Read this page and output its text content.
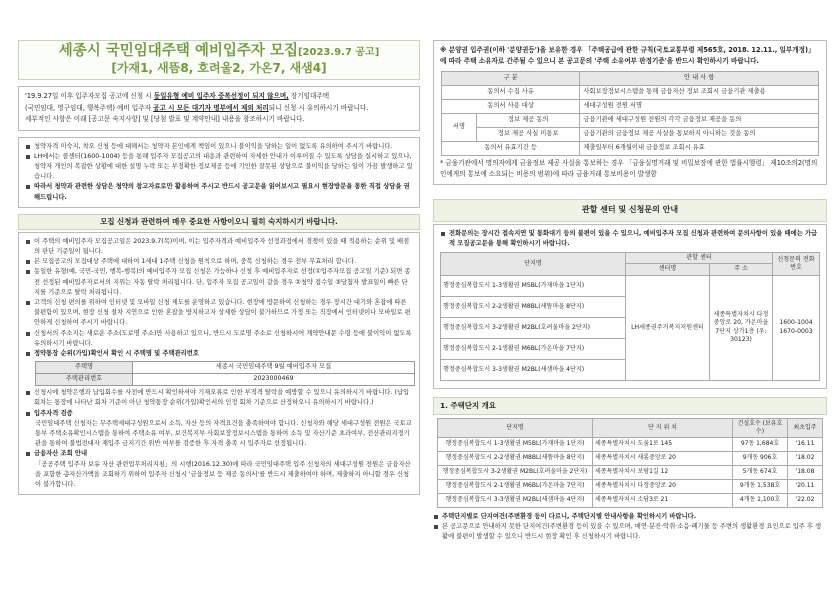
세종시 국민임대주택 예비입주자 모집[2023.9.7 공고]
[가재1, 새뜸8, 호려울2, 가온7, 새샘4]

'19.9.27일 이후 입주자모집 공고에 신청 시 동일유형 예비 입주자 중복선정이 되지 않으며, 장기임대주택

(국민임대, 영구임대, 행복주택) 예비 입주자 공고 시 모든 대기자 명부에서 제외 처리되니 신청 시 유의하시기 바랍니다.

세부적인 사항은 이래 [공고문 숙지사항] 및 [당첨 발표 및 계약안내] 내용을 참조하시기 바랍니다.

청약자격 미숙지, 착오 신청 등에 대해서는 청약자 본인에게 책임이 있으니 불이익을 당하는 일이 없도록 유의하여 주시기 바랍니다.
LH에서는 콜센터(1600-1004) 등을 통해 입주자 모집공고의 내용과 관련하여 자세한 안내가 이루어질 수 있도록 상담을 실시하고 있으나, 청약자 개인의 복잡한 상황에 대한 설명 누락 또는 부정확한 정보제공 등에 기인한 잘못된 상담으로 불이익을 당하는 일이 가끔 발생하고 있습니다.
따라서 청약과 관련한 상담은 청약의 참고자료로만 활용하여 주시고 반드시 공고문을 읽어보시고 필요시 현장방문을 통한 직접 상담을 권해드립니다.
모집 신청과 관련하여 매우 중요한 사항이오니 필히 숙지하시기 바랍니다.
이 주택의 예비입주자 모집공고일은 2023.9.7(목)이며, 이는 입주자격과 예비입주자 선정과정에서 경쟁이 있을 때 적용하는 순위 및 배점의 판단 기준일이 됩니다.
본 모집공고의 모집대상 주택에 대하여 1세대 1주택 신청을 원칙으로 하며, 중복 신청하는 경우 전부 무효처리 합니다.
동일한 유형(예, 국민-국민, 행복-행복)의 예비입주자 모집 신청은 가능하나 신청 후 예비입주자로 선정(①입주자모집 공고일 기준) 되면 종전 선정된 예비입주자로서의 지위는 자동 탈락 처리됩니다. 단, 입주자 모집 공고일이 같을 경우 ②청약 접수일 ③당첨자 발표일이 빠른 단지를 기준으로 탈락 처리됩니다.
고객의 신청 편의를 위하여 인터넷 및 모바일 신청 제도를 운영하고 있습니다. 현장에 방문하여 신청하는 경우 장시간 대기와 혼잡에 따른 불편함이 있으며, 현장 신청 절차 지연으로 인한 혼잡을 방지하고자 상세한 상담이 불가하므로 가정 또는 직장에서 인터넷이나 모바일로 편안하게 신청하여 주시기 바랍니다.
신청서의 주소지는 새로운 주소(도로명 주소)만 사용하고 있으니, 반드시 도로명 주소로 신청하시어 계약안내문 수령 등에 불이익이 없도록 유의하시기 바랍니다.
정약통장 순위(가입)확인서 확인 시 주택명 및 주택관리번호
주택명	세종시 국민임대주택 9월 예비입주자 모집
주택관리번호	2023000469
신청시에 청약은행과 납입회수를 사전에 반드시 확인하셔야 기재오류로 인한 부적격 탈락을 예방할 수 있으니 유의하시기 바랍니다. (납입 회차는 통장에 나타난 회차 기준이 아닌 청약통장 순위(가입)확인서의 인정 회차 기준으로 산정하오니 유의하시기 바랍니다.)
입주자격 검증
국민임대주택 신청자는 무주택세대구성원으로서 소득, 자산 등의 자격요건을 충족하여야 합니다. 신청자와 해당 세대구성원 전원은 국토교통부 주택소유확인시스템을 통하여 주택소유 여부, 보건복지부 사회보장정보시스템을 통하여 소득 및 자산기준 초과여부, 전산관리지정기관을 통하여 불법전대자 재입주 금지기간 위반 여부를 검증한 후 자격 충족 시 입주자로 선정됩니다.
금융자산 조회 안내
「공공주택 입주자 보유 자산 관련업무처리지침」의 시행(2016.12.30)에 따라 국민임대주택 입주 신청자의 세대구성원 전원은 금융자산을 포함한 총자산가액을 조회하기 위하여 입주자 신청시 '금융정보 등 제공 동의서'를 반드시 제출하여야 하며, 제출하지 아니할 경우 신청이 불가합니다.

※ 분양권 입주권(이하 '분양권등')을 보유한 경우 「주택공급에 관한 규칙(국토교통부령 제565호, 2018. 12.11., 일부개정)」에 따라 주택 소유자로 간주될 수 있으니 본 공고문의 '주택 소유여부 판정기준'을 반드시 확인하시기 바랍니다.

구 분		안 내 사 항
동의서 수집 사유		사회보장정보시스템을 통해 금융자산 정보 조회시 금융기관 제출용
동의서 사용 대상		세대구성원 전원 서명
서명	정보 제공 동의	금융기관에 세대구성원 전원의 각각 금융정보 제공을 동의
	정보 제공 사실 미통보	금융기관의 금융정보 제공 사실을 통보하지 아니하는 것을 동의
동의서 유효기간 등		제출일부터 6개월이내 금융정보 조회시 유효

* 금융기관에서 명의자에게 금융정보 제공 사실을 통보하는 경우 「금융실명거래 및 비밀보장에 관한 법률시행령」 제10조의2(명의인에게의 통보에 소요되는 비용의 범위)에 따라 금융거래 통보비용이 발생함

관할 센터 및 신청문의 안내
전화문의는 장시간 접속지연 및 통화대기 등의 불편이 있을 수 있으니, 예비입주자 모집 신청과 관련하여 문의사항이 있을 때에는 가급적 모집공고문을 통해 확인하시기 바랍니다.
단지명	관할 센터		신청문의 전화번호
	센터명	주 소	
행정중심복합도시 1-3생활권 M5BL(가재마을 1단지)	LH세종권주거복지지원센터	세종특별자치시 다정중앙로 20, 가온마을7단지 상가1층 (우: 30123)	1600-1004 1670-0003
행정중심복합도시 2-2생활권 M8BL(새뜸마을 8단지)			
행정중심복합도시 3-2생활권 M2BL(호려울마을 2단지)			
행정중심복합도시 2-1생활권 M6BL(가온마을 7단지)			
행정중심복합도시 3-3생활권 M2BL(새샘마을 4단지)			
1. 주택단지 개요
단지명	단 지 위 치	건설호수 (보유호수)	최초입주
행정중심복합도시 1-3생활권 M5BL(가재마을 1단지)	세종특별자치시 도움1로 145	97동 1,684호	'16.11
행정중심복합도시 2-2생활권 M8BL(새뜸마을 8단지)	세종특별자치시 새롬중앙로 20	9개동 906호	'18.02
행정중심복합도시 3-2생활권 M2BL(호려울마을 2단지)	세종특별자치시 보람1길 12	5개동 674호	'18.08
행정중심복합도시 2-1생활권 M6BL(가온마을 7단지)	세종특별자치시 다정중앙로 20	9개동 1,538호	'20.11
행정중심복합도시 3-3생활권 M2BL(새샘마을 4단지)	세종특별자치시 소담3로 21	4개동 1,100호	'22.02
주택단지별로 단지여건(주변환경 등이 다르니, 주택단지별 안내사항을 확인하시기 바랍니다.
본 공고문으로 안내하지 못한 단지여건(주변환경 등이 있을 수 있으며, 매연·분진·악취·소음·폐기물 등 주변의 생활환경 요인으로 입주 후 생활에 불편이 발생할 수 있으니 반드시 현장 확인 후 신청하시기 바랍니다.
